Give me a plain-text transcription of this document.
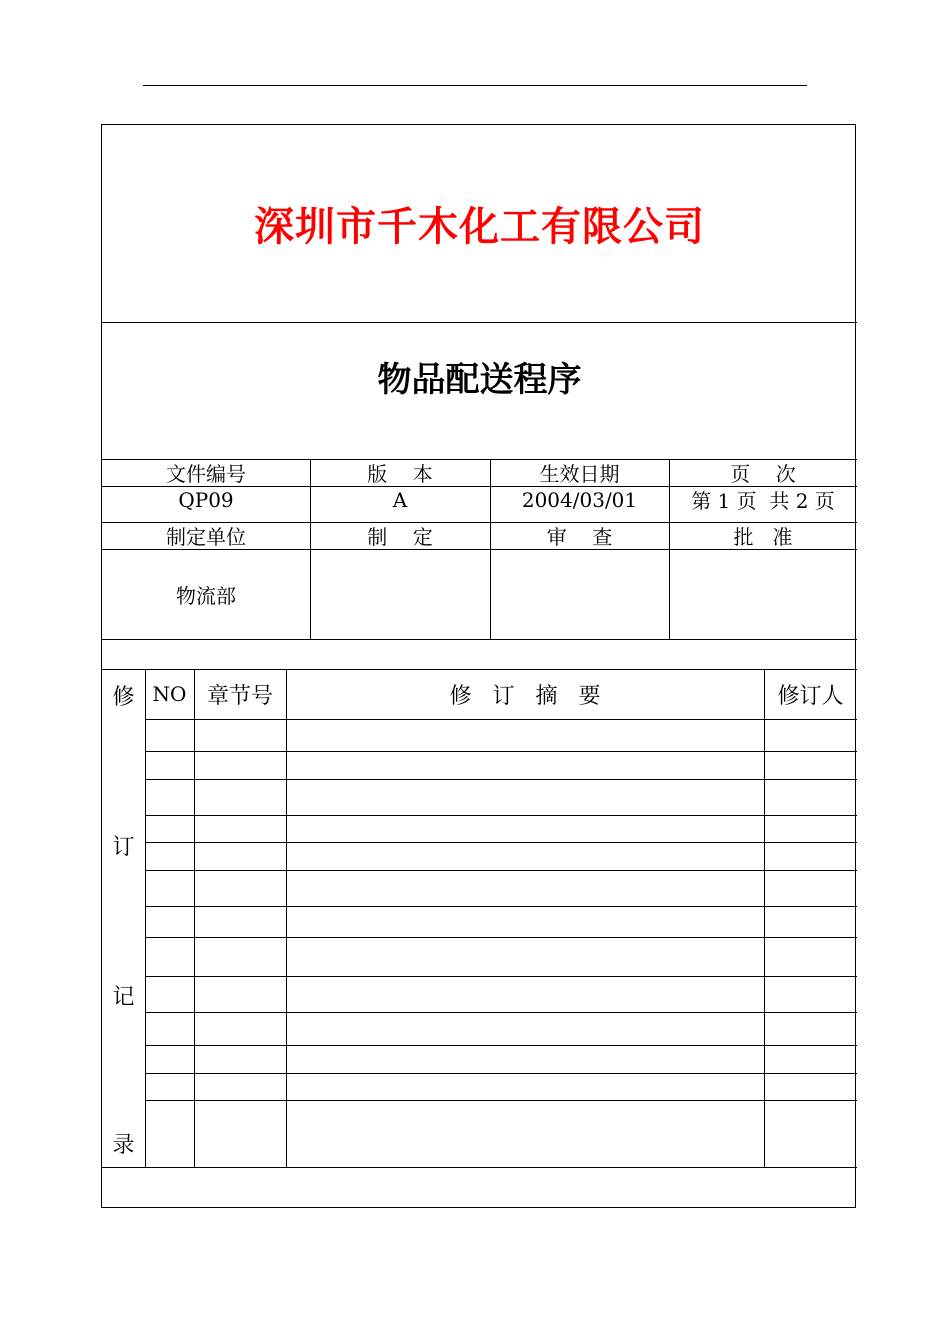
深圳市千木化工有限公司
物品配送程序
文件编号	版    本	生效日期	页    次
QP09	A	2004/03/01	第 1 页  共 2 页
制定单位	制    定	审    查	批   准
物流部
修
订
记
录
NO 章节号	修   订   摘   要	修订人
